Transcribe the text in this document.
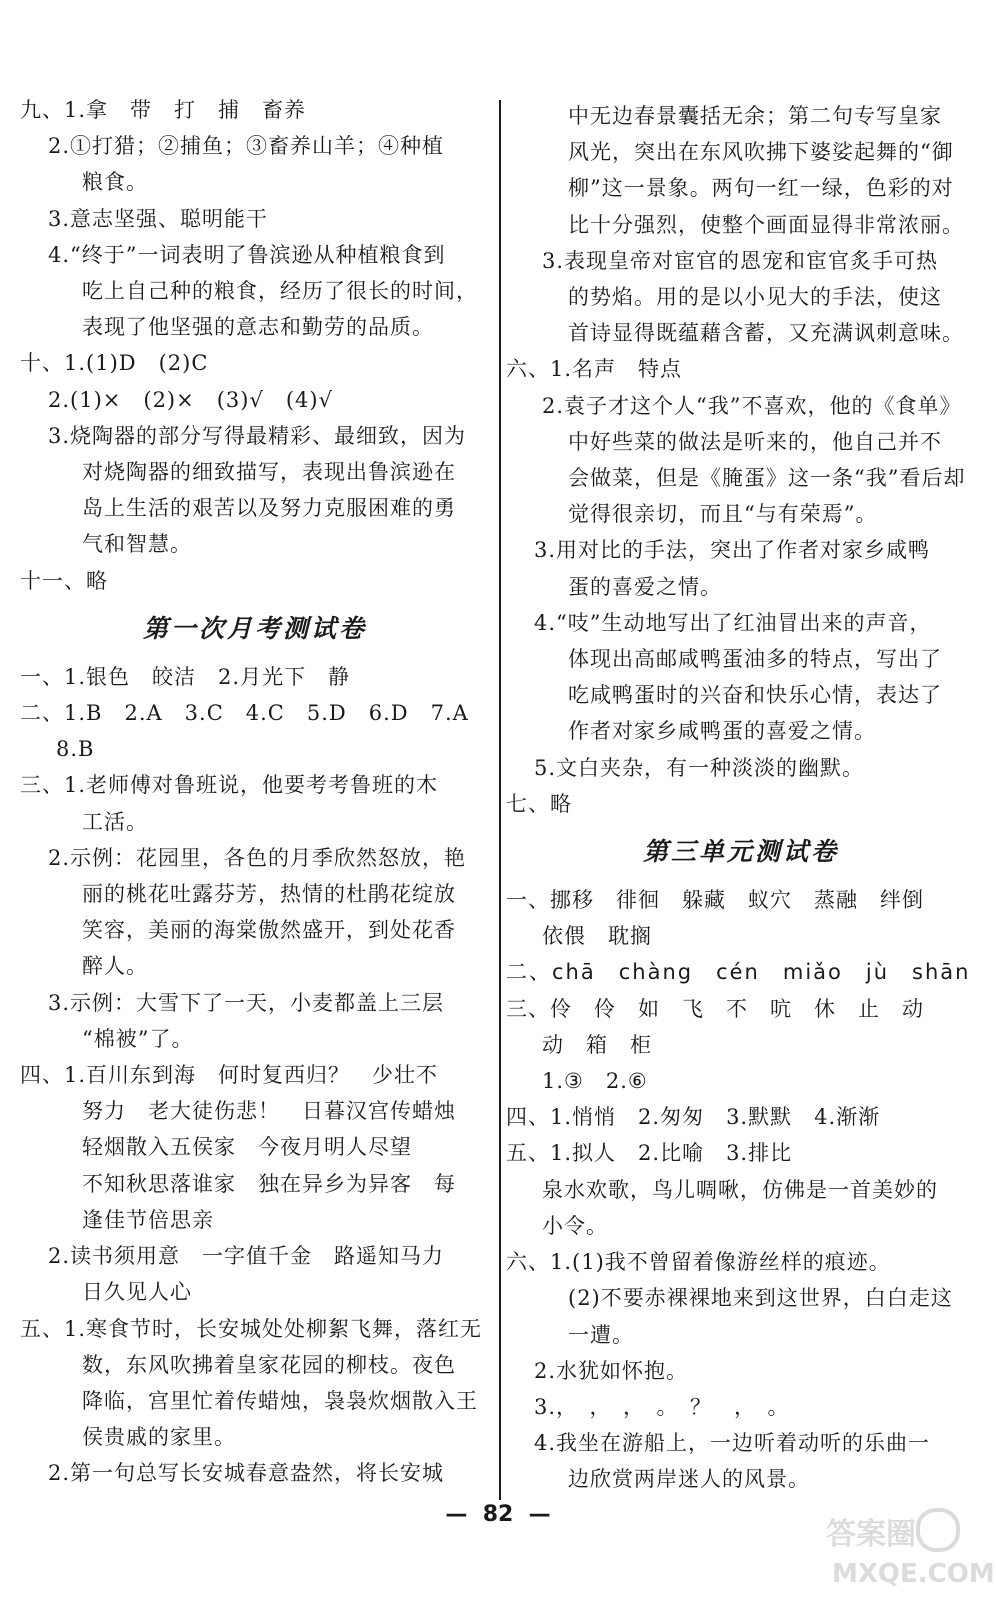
九、1.拿　带　打　捕　畜养
2.①打猎；②捕鱼；③畜养山羊；④种植
粮食。
3.意志坚强、聪明能干
4.“终于”一词表明了鲁滨逊从种植粮食到
吃上自己种的粮食，经历了很长的时间，
表现了他坚强的意志和勤劳的品质。
十、1.(1)D　(2)C
2.(1)×　(2)×　(3)√　(4)√
3.烧陶器的部分写得最精彩、最细致，因为
对烧陶器的细致描写，表现出鲁滨逊在
岛上生活的艰苦以及努力克服困难的勇
气和智慧。
十一、略
第一次月考测试卷
一、1.银色　皎洁　2.月光下　静
二、1.B　2.A　3.C　4.C　5.D　6.D　7.A
8.B
三、1.老师傅对鲁班说，他要考考鲁班的木
工活。
2.示例：花园里，各色的月季欣然怒放，艳
丽的桃花吐露芬芳，热情的杜鹃花绽放
笑容，美丽的海棠傲然盛开，到处花香
醉人。
3.示例：大雪下了一天，小麦都盖上三层
“棉被”了。
四、1.百川东到海　何时复西归？　少壮不
努力　老大徒伤悲！　日暮汉宫传蜡烛
轻烟散入五侯家　今夜月明人尽望
不知秋思落谁家　独在异乡为异客　每
逢佳节倍思亲
2.读书须用意　一字值千金　路遥知马力
日久见人心
五、1.寒食节时，长安城处处柳絮飞舞，落红无
数，东风吹拂着皇家花园的柳枝。夜色
降临，宫里忙着传蜡烛，袅袅炊烟散入王
侯贵戚的家里。
2.第一句总写长安城春意盎然，将长安城
中无边春景囊括无余；第二句专写皇家
风光，突出在东风吹拂下婆娑起舞的“御
柳”这一景象。两句一红一绿，色彩的对
比十分强烈，使整个画面显得非常浓丽。
3.表现皇帝对宦官的恩宠和宦官炙手可热
的势焰。用的是以小见大的手法，使这
首诗显得既蕴藉含蓄，又充满讽刺意味。
六、1.名声　特点
2.袁子才这个人“我”不喜欢，他的《食单》
中好些菜的做法是听来的，他自己并不
会做菜，但是《腌蛋》这一条“我”看后却
觉得很亲切，而且“与有荣焉”。
3.用对比的手法，突出了作者对家乡咸鸭
蛋的喜爱之情。
4.“吱”生动地写出了红油冒出来的声音，
体现出高邮咸鸭蛋油多的特点，写出了
吃咸鸭蛋时的兴奋和快乐心情，表达了
作者对家乡咸鸭蛋的喜爱之情。
5.文白夹杂，有一种淡淡的幽默。
七、略
第三单元测试卷
一、挪移　徘徊　躲藏　蚁穴　蒸融　绊倒
依偎　耽搁
二、chā　chàng　cén　miǎo　jù　shān
三、伶　伶　如　飞　不　吭　休　止　动
动　箱　柜
1.③　2.⑥
四、1.悄悄　2.匆匆　3.默默　4.渐渐
五、1.拟人　2.比喻　3.排比
泉水欢歌，鸟儿啁啾，仿佛是一首美妙的
小令。
六、1.(1)我不曾留着像游丝样的痕迹。
(2)不要赤裸裸地来到这世界，白白走这
一遭。
2.水犹如怀抱。
3.，　，　，　。　？　，　。
4.我坐在游船上，一边听着动听的乐曲一
边欣赏两岸迷人的风景。
—  82  —
答案圈
MXQE.COM
